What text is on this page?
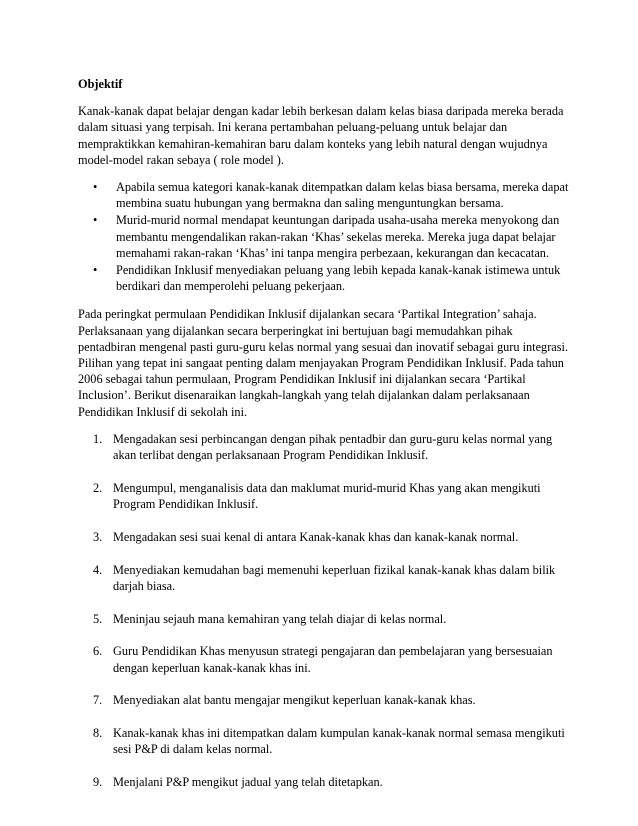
Objektif

Kanak-kanak dapat belajar dengan kadar lebih berkesan dalam kelas biasa daripada mereka berada dalam situasi yang terpisah. Ini kerana pertambahan peluang-peluang untuk belajar dan mempraktikkan kemahiran-kemahiran baru dalam konteks yang lebih natural dengan wujudnya model-model rakan sebaya ( role model ).

• Apabila semua kategori kanak-kanak ditempatkan dalam kelas biasa bersama, mereka dapat membina suatu hubungan yang bermakna dan saling menguntungkan bersama.
• Murid-murid normal mendapat keuntungan daripada usaha-usaha mereka menyokong dan membantu mengendalikan rakan-rakan ‘Khas’ sekelas mereka. Mereka juga dapat belajar memahami rakan-rakan ‘Khas’ ini tanpa mengira perbezaan, kekurangan dan kecacatan.
• Pendidikan Inklusif menyediakan peluang yang lebih kepada kanak-kanak istimewa untuk berdikari dan memperolehi peluang pekerjaan.

Pada peringkat permulaan Pendidikan Inklusif dijalankan secara ‘Partikal Integration’ sahaja. Perlaksanaan yang dijalankan secara berperingkat ini bertujuan bagi memudahkan pihak pentadbiran mengenal pasti guru-guru kelas normal yang sesuai dan inovatif sebagai guru integrasi. Pilihan yang tepat ini sangaat penting dalam menjayakan Program Pendidikan Inklusif. Pada tahun 2006 sebagai tahun permulaan, Program Pendidikan Inklusif ini dijalankan secara ‘Partikal Inclusion’. Berikut disenaraikan langkah-langkah yang telah dijalankan dalam perlaksanaan Pendidikan Inklusif di sekolah ini.

1. Mengadakan sesi perbincangan dengan pihak pentadbir dan guru-guru kelas normal yang akan terlibat dengan perlaksanaan Program Pendidikan Inklusif.
2. Mengumpul, menganalisis data dan maklumat murid-murid Khas yang akan mengikuti Program Pendidikan Inklusif.
3. Mengadakan sesi suai kenal di antara Kanak-kanak khas dan kanak-kanak normal.
4. Menyediakan kemudahan bagi memenuhi keperluan fizikal kanak-kanak khas dalam bilik darjah biasa.
5. Meninjau sejauh mana kemahiran yang telah diajar di kelas normal.
6. Guru Pendidikan Khas menyusun strategi pengajaran dan pembelajaran yang bersesuaian dengan keperluan kanak-kanak khas ini.
7. Menyediakan alat bantu mengajar mengikut keperluan kanak-kanak khas.
8. Kanak-kanak khas ini ditempatkan dalam kumpulan kanak-kanak normal semasa mengikuti sesi P&P di dalam kelas normal.
9. Menjalani P&P mengikut jadual yang telah ditetapkan.
